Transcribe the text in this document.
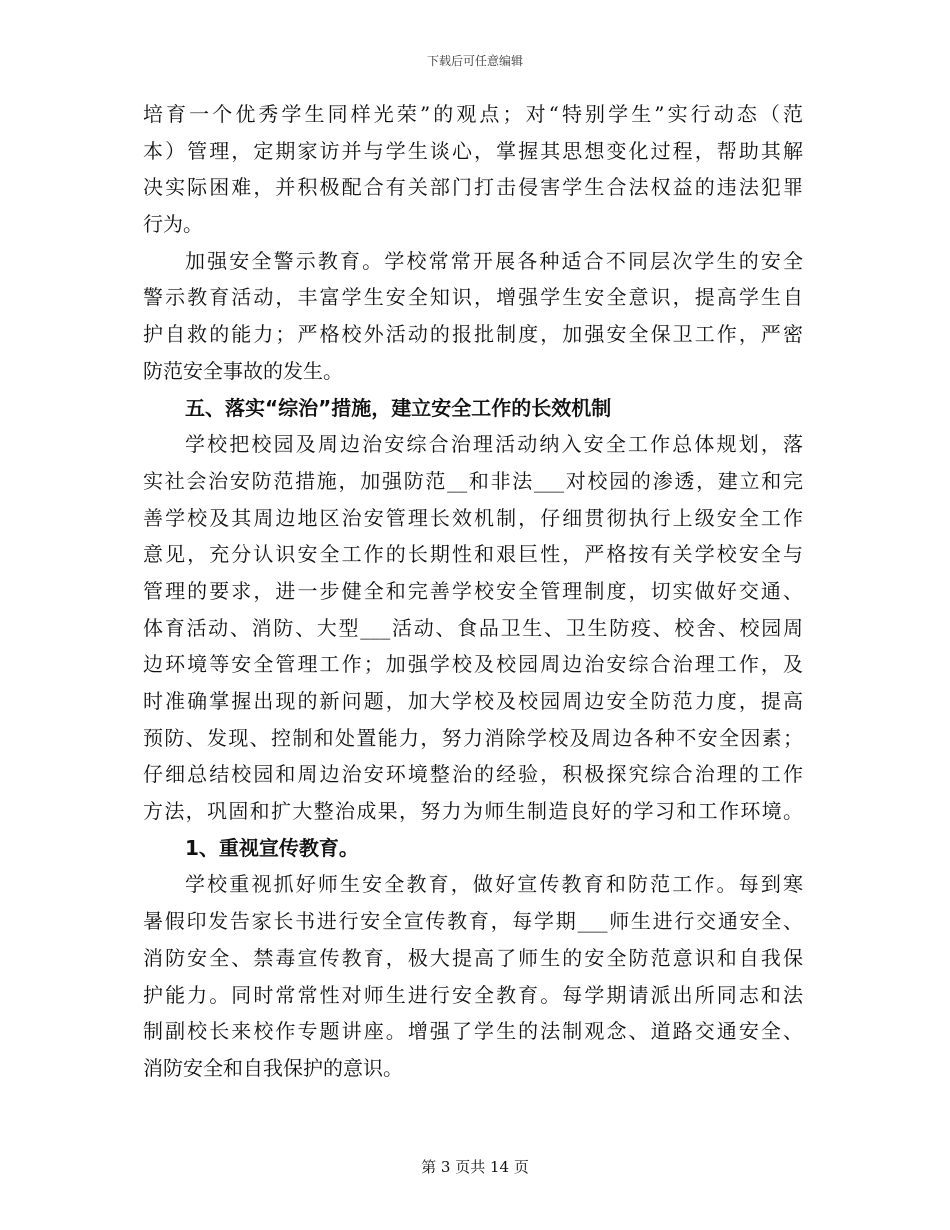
下载后可任意编辑
培育一个优秀学生同样光荣”的观点；对“特别学生”实行动态（范
本）管理，定期家访并与学生谈心，掌握其思想变化过程，帮助其解
决实际困难，并积极配合有关部门打击侵害学生合法权益的违法犯罪
行为。
加强安全警示教育。学校常常开展各种适合不同层次学生的安全
警示教育活动，丰富学生安全知识，增强学生安全意识，提高学生自
护自救的能力；严格校外活动的报批制度，加强安全保卫工作，严密
防范安全事故的发生。
五、落实“综治”措施，建立安全工作的长效机制
学校把校园及周边治安综合治理活动纳入安全工作总体规划，落
实社会治安防范措施，加强防范__和非法___对校园的渗透，建立和完
善学校及其周边地区治安管理长效机制，仔细贯彻执行上级安全工作
意见，充分认识安全工作的长期性和艰巨性，严格按有关学校安全与
管理的要求，进一步健全和完善学校安全管理制度，切实做好交通、
体育活动、消防、大型___活动、食品卫生、卫生防疫、校舍、校园周
边环境等安全管理工作；加强学校及校园周边治安综合治理工作，及
时准确掌握出现的新问题，加大学校及校园周边安全防范力度，提高
预防、发现、控制和处置能力，努力消除学校及周边各种不安全因素；
仔细总结校园和周边治安环境整治的经验，积极探究综合治理的工作
方法，巩固和扩大整治成果，努力为师生制造良好的学习和工作环境。
1、重视宣传教育。
学校重视抓好师生安全教育，做好宣传教育和防范工作。每到寒
暑假印发告家长书进行安全宣传教育，每学期___师生进行交通安全、
消防安全、禁毒宣传教育，极大提高了师生的安全防范意识和自我保
护能力。同时常常性对师生进行安全教育。每学期请派出所同志和法
制副校长来校作专题讲座。增强了学生的法制观念、道路交通安全、
消防安全和自我保护的意识。
第 3 页共 14 页
